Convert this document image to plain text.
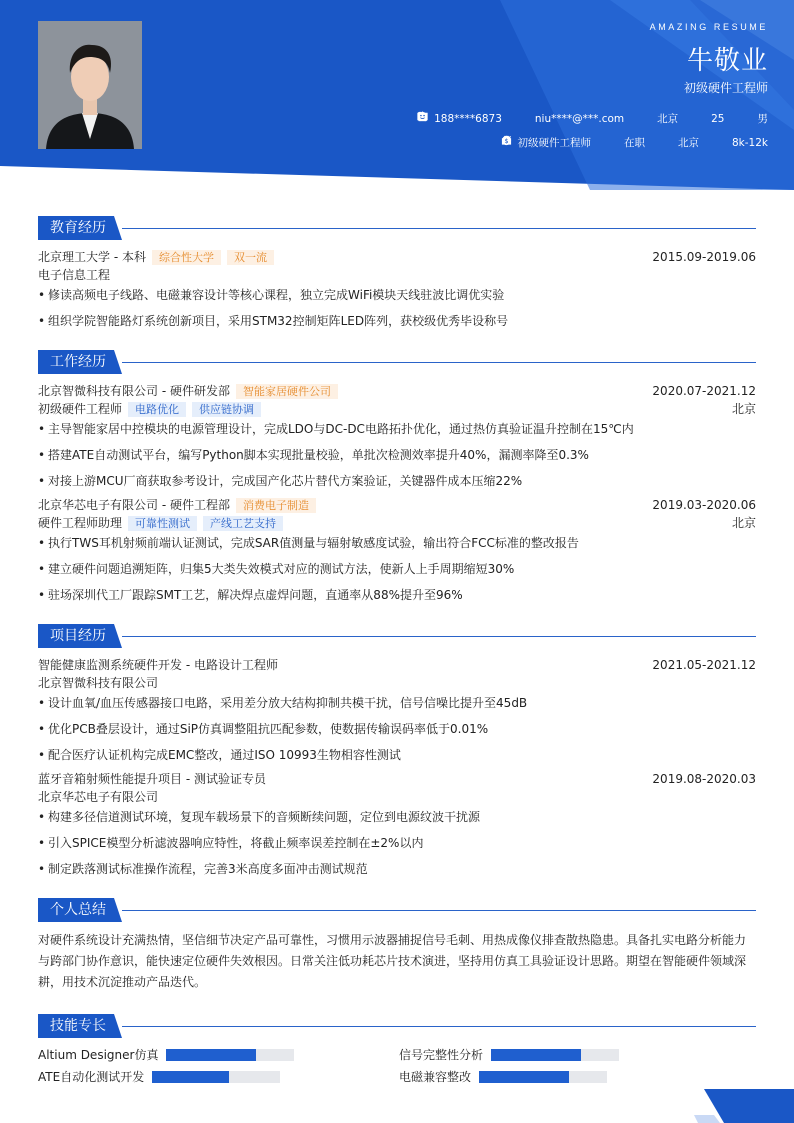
AMAZING RESUME
牛敬业
初级硬件工程师
188****6873	niu****@***.com	北京	25	男
初级硬件工程师	在职	北京
$	8k-12k
教育经历
北京理工大学 - 本科 综合性大学 双一流	2015.09-2019.06
电子信息工程
• 修读高频电子线路、电磁兼容设计等核心课程，独立完成WiFi模块天线驻波比调优实验
• 组织学院智能路灯系统创新项目，采用STM32控制矩阵LED阵列，获校级优秀毕设称号
工作经历
北京智微科技有限公司 - 硬件研发部 智能家居硬件公司	2020.07-2021.12
初级硬件工程师 电路优化 供应链协调	北京
• 主导智能家居中控模块的电源管理设计，完成LDO与DC-DC电路拓扑优化，通过热仿真验证温升控制在15℃内
• 搭建ATE自动测试平台，编写Python脚本实现批量校验，单批次检测效率提升40%，漏测率降至0.3%
• 对接上游MCU厂商获取参考设计，完成国产化芯片替代方案验证，关键器件成本压缩22%
北京华芯电子有限公司 - 硬件工程部 消费电子制造	2019.03-2020.06
硬件工程师助理 可靠性测试 产线工艺支持	北京
• 执行TWS耳机射频前端认证测试，完成SAR值测量与辐射敏感度试验，输出符合FCC标准的整改报告
• 建立硬件问题追溯矩阵，归集5大类失效模式对应的测试方法，使新人上手周期缩短30%
• 驻场深圳代工厂跟踪SMT工艺，解决焊点虚焊问题，直通率从88%提升至96%
项目经历
智能健康监测系统硬件开发 - 电路设计工程师	2021.05-2021.12
北京智微科技有限公司
• 设计血氧/血压传感器接口电路，采用差分放大结构抑制共模干扰，信号信噪比提升至45dB
• 优化PCB叠层设计，通过SiP仿真调整阻抗匹配参数，使数据传输误码率低于0.01%
• 配合医疗认证机构完成EMC整改，通过ISO 10993生物相容性测试
蓝牙音箱射频性能提升项目 - 测试验证专员	2019.08-2020.03
北京华芯电子有限公司
• 构建多径信道测试环境，复现车载场景下的音频断续问题，定位到电源纹波干扰源
• 引入SPICE模型分析滤波器响应特性，将截止频率误差控制在±2%以内
• 制定跌落测试标准操作流程，完善3米高度多面冲击测试规范
个人总结
对硬件系统设计充满热情，坚信细节决定产品可靠性，习惯用示波器捕捉信号毛刺、用热成像仪排查散热隐患。具备扎实电路分析能力与跨部门协作意识，能快速定位硬件失效根因。日常关注低功耗芯片技术演进，坚持用仿真工具验证设计思路。期望在智能硬件领域深耕，用技术沉淀推动产品迭代。
技能专长
Altium Designer仿真	信号完整性分析
ATE自动化测试开发	电磁兼容整改
